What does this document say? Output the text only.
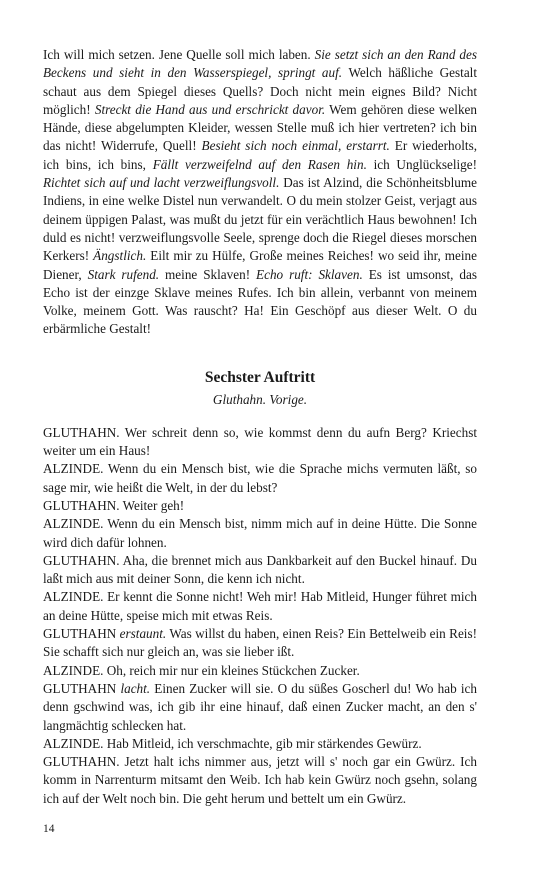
Ich will mich setzen. Jene Quelle soll mich laben. Sie setzt sich an den Rand des Beckens und sieht in den Wasserspiegel, springt auf. Welch häßliche Gestalt schaut aus dem Spiegel dieses Quells? Doch nicht mein eignes Bild? Nicht möglich! Streckt die Hand aus und erschrickt davor. Wem gehören diese welken Hände, diese abgelumpten Kleider, wessen Stelle muß ich hier vertreten? ich bin das nicht! Widerrufe, Quell! Besieht sich noch einmal, erstarrt. Er wiederholts, ich bins, ich bins, Fällt verzweifelnd auf den Rasen hin. ich Unglückselige! Richtet sich auf und lacht verzweiflungsvoll. Das ist Alzind, die Schönheitsblume Indiens, in eine welke Distel nun verwandelt. O du mein stolzer Geist, verjagt aus deinem üppigen Palast, was mußt du jetzt für ein verächtlich Haus bewohnen! Ich duld es nicht! verzweiflungsvolle Seele, sprenge doch die Riegel dieses morschen Kerkers! Ängstlich. Eilt mir zu Hülfe, Große meines Reiches! wo seid ihr, meine Diener, Stark rufend. meine Sklaven! Echo ruft: Sklaven. Es ist umsonst, das Echo ist der einzge Sklave meines Rufes. Ich bin allein, verbannt von meinem Volke, meinem Gott. Was rauscht? Ha! Ein Geschöpf aus dieser Welt. O du erbärmliche Gestalt!

Sechster Auftritt

Gluthahn. Vorige.

GLUTHAHN. Wer schreit denn so, wie kommst denn du aufn Berg? Kriechst weiter um ein Haus!

ALZINDE. Wenn du ein Mensch bist, wie die Sprache michs vermuten läßt, so sage mir, wie heißt die Welt, in der du lebst?

GLUTHAHN. Weiter geh!

ALZINDE. Wenn du ein Mensch bist, nimm mich auf in deine Hütte. Die Sonne wird dich dafür lohnen.

GLUTHAHN. Aha, die brennet mich aus Dankbarkeit auf den Buckel hinauf. Du laßt mich aus mit deiner Sonn, die kenn ich nicht.

ALZINDE. Er kennt die Sonne nicht! Weh mir! Hab Mitleid, Hunger führet mich an deine Hütte, speise mich mit etwas Reis.

GLUTHAHN erstaunt. Was willst du haben, einen Reis? Ein Bettelweib ein Reis! Sie schafft sich nur gleich an, was sie lieber ißt.

ALZINDE. Oh, reich mir nur ein kleines Stückchen Zucker.

GLUTHAHN lacht. Einen Zucker will sie. O du süßes Goscherl du! Wo hab ich denn gschwind was, ich gib ihr eine hinauf, daß einen Zucker macht, an den s' langmächtig schlecken hat.

ALZINDE. Hab Mitleid, ich verschmachte, gib mir stärkendes Gewürz.

GLUTHAHN. Jetzt halt ichs nimmer aus, jetzt will s' noch gar ein Gwürz. Ich komm in Narrenturm mitsamt den Weib. Ich hab kein Gwürz noch gsehn, solang ich auf der Welt noch bin. Die geht herum und bettelt um ein Gwürz.

14
